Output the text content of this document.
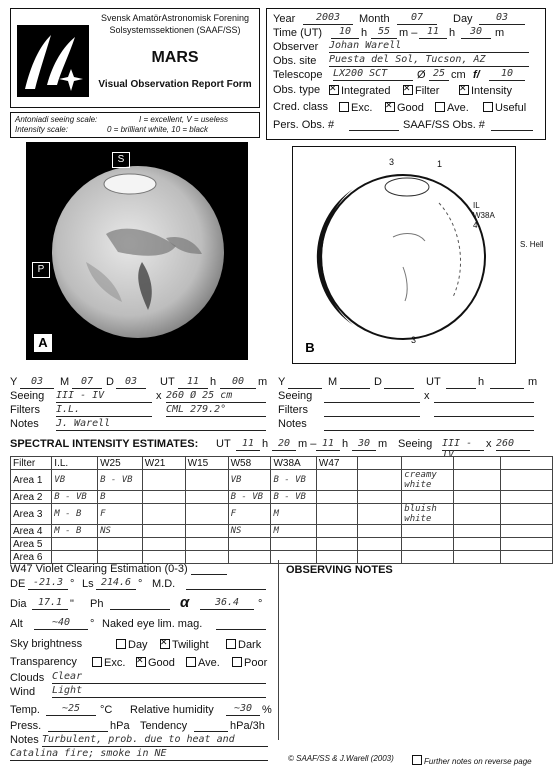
Svensk AmatörAstronomisk Forening
Solsystemssektionen (SAAF/SS)
MARS
Visual Observation Report Form
Antoniadi seeing scale:	I = excellent, V = useless
Intensity scale:	0 = brilliant white, 10 = black
Year	2003	Month	07	Day	03
Time (UT)	10 h	55 m – 11 h	30	m
Observer Johan Warell
Obs. site Puesta del Sol, Tucson, AZ
Telescope LX200 SCT	Ø 25 cm f/	10
Obs. type ✕	Integrated ✕	Filter ✕	Intensity
Cred. class	Exc. ✕	Good	Ave.	Useful
Pers. Obs. #	SAAF/SS Obs. #
S
P
A
3	1
IL
W38A
4
3
B
S. Hell
Y	03	M	07	D	03	UT	11 h	00	m
Seeing III - IV	x 260 Ø 25 cm
Filters I.L.	CML 279.2°
Notes J. Warell
Y	M	D	UT	h	m
Seeing	x
Filters
Notes
SPECTRAL INTENSITY ESTIMATES: UT	11 h 20 m – 11 h 30 m Seeing III - IV
x 260
Filter	I.L.	W25	W21	W15	W58	W38A	W47				
Area 1	VB	B - VB			VB	B - VB			creamy white		
Area 2	B - VB	B			B - VB	B - VB					
Area 3	M - B	F			F	M			bluish white		
Area 4	M - B	NS			NS	M					
Area 5											
Area 6											
W47 Violet Clearing Estimation (0-3)
DE -21.3 ° Ls 214.6 ° M.D.
Dia	17.1 " Ph	α	36.4	°
Alt	~40	° Naked eye lim. mag.
Sky brightness	Day ✕	Twilight	Dark
Transparency	Exc. ✕	Good	Ave.	Poor
Clouds Clear
Wind Light
Temp.	~25	°C Relative humidity	~30 %
Press.	hPa Tendency	hPa/3h
Notes Turbulent, prob. due to heat and
Catalina fire; smoke in NE
OBSERVING NOTES
© SAAF/SS & J.Warell (2003)	Further notes on reverse page
